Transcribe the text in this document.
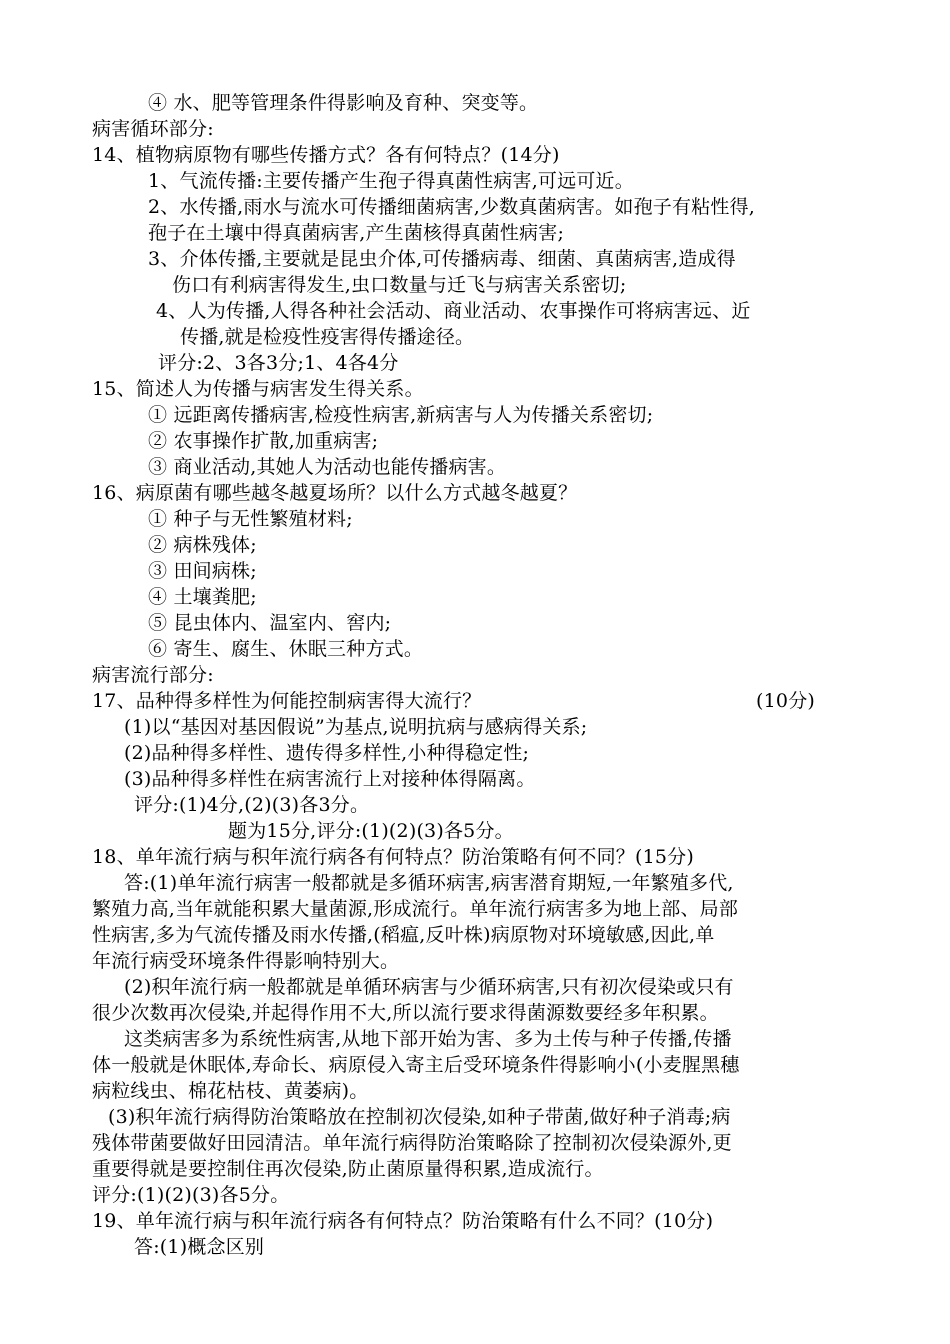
④ 水、肥等管理条件得影响及育种、突变等。
病害循环部分:
14、植物病原物有哪些传播方式？各有何特点？(14分)
1、气流传播:主要传播产生孢子得真菌性病害,可远可近。
2、水传播,雨水与流水可传播细菌病害,少数真菌病害。如孢子有粘性得,
孢子在土壤中得真菌病害,产生菌核得真菌性病害;
3、介体传播,主要就是昆虫介体,可传播病毒、细菌、真菌病害,造成得
伤口有利病害得发生,虫口数量与迁飞与病害关系密切;
4、人为传播,人得各种社会活动、商业活动、农事操作可将病害远、近
传播,就是检疫性疫害得传播途径。
评分:2、3各3分;1、4各4分
15、简述人为传播与病害发生得关系。
① 远距离传播病害,检疫性病害,新病害与人为传播关系密切;
② 农事操作扩散,加重病害;
③ 商业活动,其她人为活动也能传播病害。
16、病原菌有哪些越冬越夏场所？以什么方式越冬越夏？
① 种子与无性繁殖材料;
② 病株残体;
③ 田间病株;
④ 土壤粪肥;
⑤ 昆虫体内、温室内、窖内;
⑥ 寄生、腐生、休眠三种方式。
病害流行部分:
17、品种得多样性为何能控制病害得大流行？	(10分)
(1)以“基因对基因假说”为基点,说明抗病与感病得关系;
(2)品种得多样性、遗传得多样性,小种得稳定性;
(3)品种得多样性在病害流行上对接种体得隔离。
评分:(1)4分,(2)(3)各3分。
题为15分,评分:(1)(2)(3)各5分。
18、单年流行病与积年流行病各有何特点？防治策略有何不同？(15分)
答:(1)单年流行病害一般都就是多循环病害,病害潜育期短,一年繁殖多代,
繁殖力高,当年就能积累大量菌源,形成流行。单年流行病害多为地上部、局部
性病害,多为气流传播及雨水传播,(稻瘟,反叶株)病原物对环境敏感,因此,单
年流行病受环境条件得影响特别大。
(2)积年流行病一般都就是单循环病害与少循环病害,只有初次侵染或只有
很少次数再次侵染,并起得作用不大,所以流行要求得菌源数要经多年积累。
这类病害多为系统性病害,从地下部开始为害、多为土传与种子传播,传播
体一般就是休眠体,寿命长、病原侵入寄主后受环境条件得影响小(小麦腥黑穗
病粒线虫、棉花枯枝、黄萎病)。
(3)积年流行病得防治策略放在控制初次侵染,如种子带菌,做好种子消毒;病
残体带菌要做好田园清洁。单年流行病得防治策略除了控制初次侵染源外,更
重要得就是要控制住再次侵染,防止菌原量得积累,造成流行。
评分:(1)(2)(3)各5分。
19、单年流行病与积年流行病各有何特点？防治策略有什么不同？(10分)
答:(1)概念区别
